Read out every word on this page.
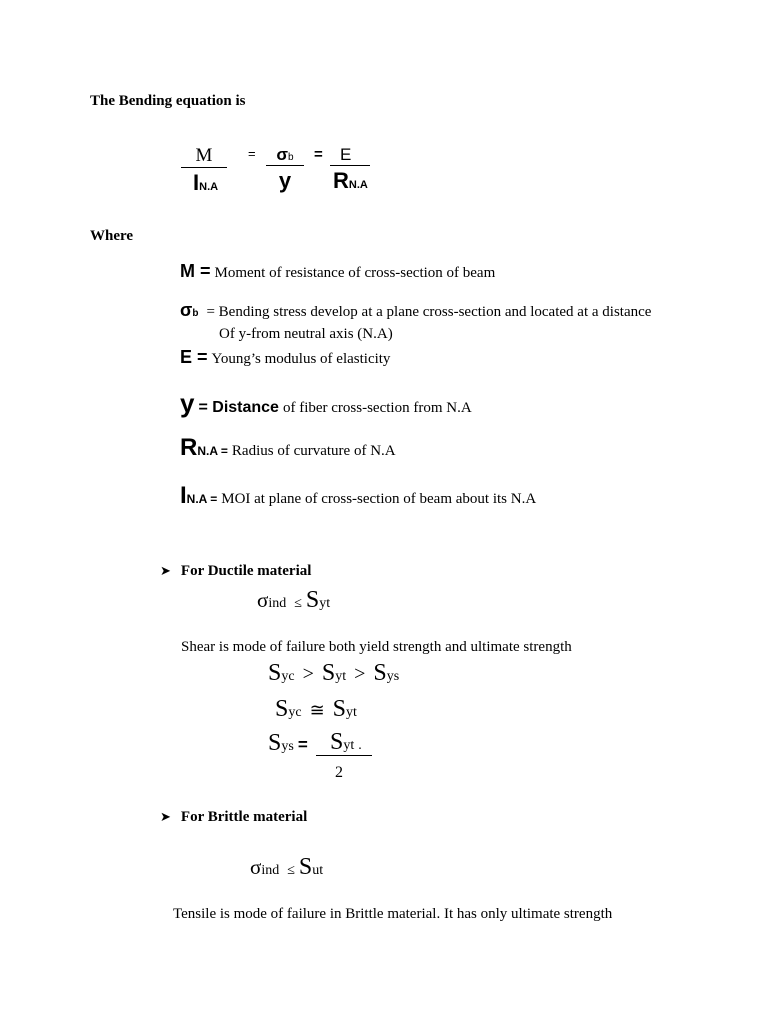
The Bending equation is
$\frac{M}{IN.A}$ =	σb
y
=	E
RN.A
Where
M = Moment of resistance of cross-section of beam
σb = Bending stress develop at a plane cross-section and located at a distance
Of y-from neutral axis (N.A)
E = Young’s modulus of elasticity
y = Distance of fiber cross-section from N.A
RN.A = Radius of curvature of N.A
IN.A = MOI at plane of cross-section of beam about its N.A
➤ For Ductile material
σind ≤ Syt
Shear is mode of failure both yield strength and ultimate strength
Syc > Syt > Sys
Syc ≅ Syt
Sys = Syt .
2
➤ For Brittle material
σind ≤ Sut
Tensile is mode of failure in Brittle material. It has only ultimate strength
